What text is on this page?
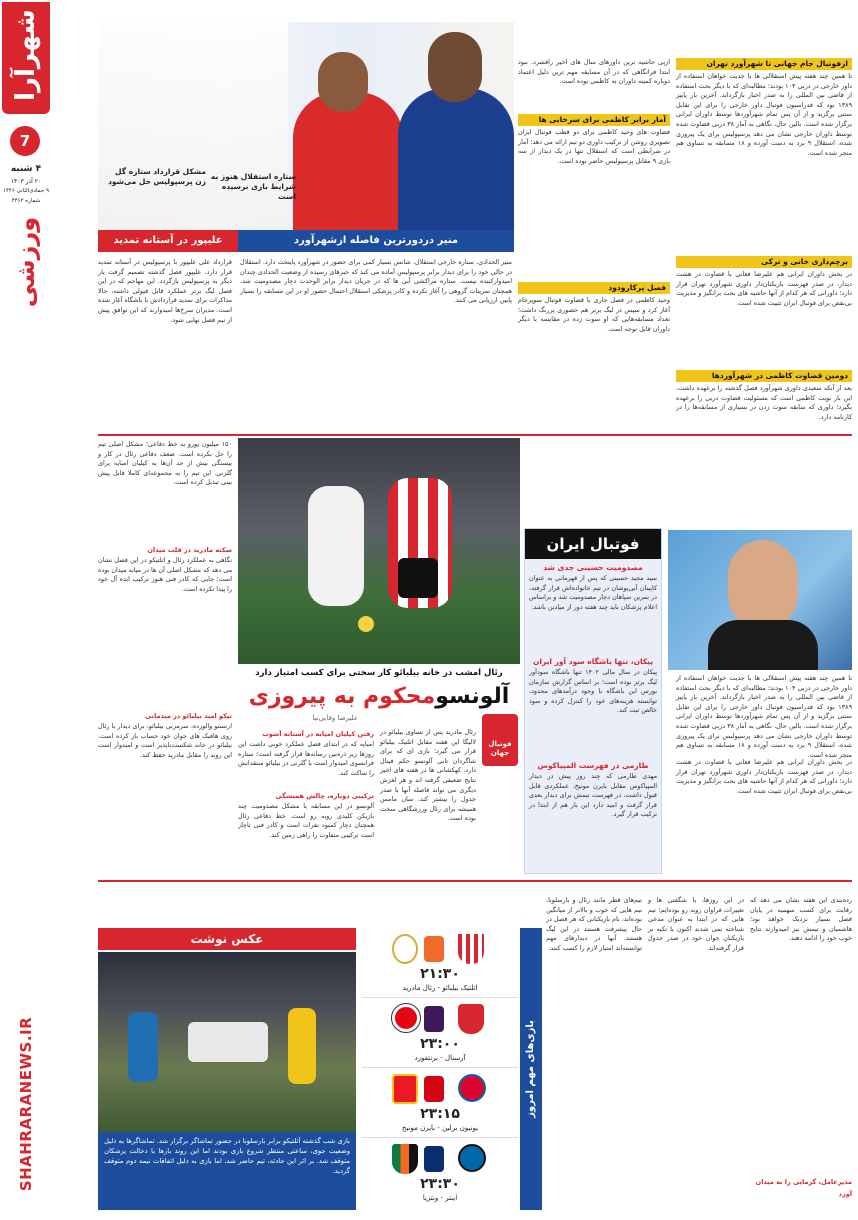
شهرآرا
7
۴ شنبه
۲۰ آذر ۱۴۰۳
۹ جمادی‌الثانی ۱۴۴۶
شماره ۴۴۶۲
ورزشی
SHAHRARANEWS.IR
مشکل قرارداد ستاره گل زن پرسپولیس حل می‌شود
ستاره استقلال هنوز به شرایط بازی نرسیده است
علیپور در آستانه تمدید	منیر دردورترین فاصله ازشهرآورد
قرارداد علی علیپور با پرسپولیس در آستانه تمدید قرار دارد. علیپور فصل گذشته تصمیم گرفت بار دیگر به پرسپولیس بازگردد. این مهاجم که در این فصل لیگ برتر عملکرد قابل قبولی داشته، حالا مذاکرات برای تمدید قراردادش با باشگاه آغاز شده است. مدیران سرخ‌ها امیدوارند که این توافق پیش از نیم فصل نهایی شود.
منیر الحدادی، ستاره خارجی استقلال، شانس بسیار کمی برای حضور در شهرآورد پایتخت دارد. استقلال در حالی خود را برای دیدار برابر پرسپولیس آماده می کند که خبرهای رسیده از وضعیت الحدادی چندان امیدوارکننده نیست. ستاره مراکشی آبی ها که در جریان دیدار برابر الوحدت دچار مصدومیت شد، همچنان تمرینات گروهی را آغاز نکرده و کادر پزشکی استقلال احتمال حضور او در این مسابقه را بسیار پایین ارزیابی می کنند.
ازپی حاشیه ترین داورهای سال های اخیر رافشرد. نبود ابتدا فرانگاهی که در آن مسابقه مهم ترین دلیل اعتماد دوباره کمیته داوران به کاظمی بوده است.
آمار برابر کاظمی برای سرخابی ها
قضاوت های وحید کاظمی برای دو قطب فوتبال ایران تصویری روشن از ترکیب داوری دو تیم ارائه می دهد؛ آمار در شرایطی است که استقلال تنها در یک دیدار از سه بازی ۹ مقابل پرسپولیس حاضر بوده است.
فصل پرکارودود
وحید کاظمی در فصل جاری با قضاوت فوتبال سوپرجام آغاز کرد و سپس در لیگ برتر هم حضوری پررنگ داشت؛ تعداد مسابقه‌هایی که او سوت زده در مقایسه با دیگر داوران قابل توجه است.
ازفوتبال جام جهانی تا شهرآورد تهران
تا همین چند هفته پیش استقلالی ها با جدیت خواهان استفاده از داور خارجی در دربی ۱۰۴ بودند؛ مطالبه‌ای که با دیگر بحث استفاده از قاضی بین المللی را به صدر اخبار بازگرداند. آخرین بار پاییز ۱۳۸۹ بود که فدراسیون فوتبال داور خارجی را برای این تقابل سنتی برگزید و از آن پس تمام شهرآوردها توسط داوران ایرانی برگزار شده است. بالین حال، نگاهی به آمار ۳۸ دربی قضاوت شده توسط داوران خارجی نشان می دهد پرسپولیس برای یک پیروزی شده، استقلال ۹ برد به دست آورده و ۱۸ مسابقه به تساوی هم منجر شده است.
برچم‌داری خانی و ترکی
در بخش داوران ایرانی هم علیرضا فغانی با قضاوت در هشت دیدار، در صدر فهرست بازیکنان‌دار داوری شهرآورد تهران قرار دارد؛ داورانی که هر کدام از آنها حاشیه های بحث برانگیز و مدیریت بی‌نقص برای فوتبال ایران تثبیت شده است.
دومین قضاوت کاظمی در شهرآوردها
بعد از آنکه سعیدی داوری شهرآورد فصل گذشته را برعهده داشت، این بار نوبت کاظمی است که مسئولیت قضاوت دربی را برعهده بگیرد؛ داوری که سابقه سوت زدن در بسیاری از مسابقه‌ها را در کارنامه دارد.
رئال امشب در خانه بیلبائو کار سختی برای کسب امتیاز دارد
آلونسومحکوم به پیروزی
علیرضا وفایی‌نیا
فوتبال جهان
رئال مادرید پس از تساوی بیلبائو در لالیگا این هفته مقابل اتلتیک بیلبائو قرار می گیرد؛ بازی ای که برای شاگردان تابی آلونسو حکم فینال دارد. کهکشانی ها در هفته های اخیر نتایج ضعیفی گرفته اند و هر لغزش دیگری می تواند فاصله آنها با صدر جدول را بیشتر کند. سان مامس همیشه برای رئال ورزشگاهی سخت بوده است.
رفتن کیلیان امپابه در آستانه آشوب
امباپه که در ابتدای فصل عملکرد خوبی داشت این روزها زیر ذره‌بین رسانه‌ها قرار گرفته است؛ ستاره فرانسوی امیدوار است با گلزنی در بیلبائو منتقدانش را ساکت کند.
ترکیبی دوباره، چالش همیشگی
آلونسو در این مسابقه با مشکل مصدومیت چند بازیکن کلیدی روبه رو است. خط دفاعی رئال همچنان دچار کمبود نفرات است و کادر فنی ناچار است ترکیبی متفاوت را راهی زمین کند.
۱۵۰ میلیون یورو به خط دفاعی؛ مشکل اصلی تیم را حل نکرده است. ضعف دفاعی رئال در کار و بیستگی بیش از حد آن‌ها به کیلیان امباپه برای گلزنی. این تیم را به مجموعه‌ای کاملا قابل پیش بینی تبدیل کرده است.
سکته مادرید در قلب میدان
نگاهی به عملکرد رئال و اتلتیکو در این فصل نشان می دهد که مشکل اصلی آن ها در میانه میدان بوده است؛ جایی که کادر فنی هنوز ترکیب ایده آل خود را پیدا نکرده است.
تیکو امید بیلبائو در میدمانی
ارنستو والورده، سرمربی بیلبائو، برای دیدار با رئال روی هافبک های جوان خود حساب باز کرده است. بیلبائو در خانه شکست‌ناپذیر است و امیدوار است این روند را مقابل مادرید حفظ کند.
فوتبال ایران
مصدومیت حسینی جدی شد
سید مجید حسینی که پس از قهرمانی به عنوان کاپیتان آبی‌پوشان در تیم خانواده‌اش قرار گرفته، در تمرین سپاهان دچار مصدومیت شد و براساس اعلام پزشکان باید چند هفته دور از میادین باشد.
پیکان، تنها باشگاه سود آور ایران
پیکان در سال مالی ۱۴۰۲ تنها باشگاه سودآور لیگ برتر بوده است؛ بر اساس گزارش سازمان بورس این باشگاه با وجود درآمدهای محدود، توانسته هزینه‌های خود را کنترل کرده و سود خالص ثبت کند.
طارمی در فهرست المپیاکوس
مهدی طارمی که چند روز پیش در دیدار المپیاکوس مقابل بایرن مونیخ، عملکردی قابل قبول داشت، در فهرست تیمش برای دیدار بعدی قرار گرفت و امید دارد این بار هم از ابتدا در ترکیب قرار گیرد.
تا همین چند هفته پیش استقلالی ها با جدیت خواهان استفاده از داور خارجی در دربی ۱۰۴ بودند؛ مطالبه‌ای که با دیگر بحث استفاده از قاضی بین المللی را به صدر اخبار بازگرداند. آخرین بار پاییز ۱۳۸۹ بود که فدراسیون فوتبال داور خارجی را برای این تقابل سنتی برگزید و از آن پس تمام شهرآوردها توسط داوران ایرانی برگزار شده است. بالین حال، نگاهی به آمار ۳۸ دربی قضاوت شده توسط داوران خارجی نشان می دهد پرسپولیس برای یک پیروزی شده، استقلال ۹ برد به دست آورده و ۱۸ مسابقه به تساوی هم منجر شده است.
در بخش داوران ایرانی هم علیرضا فغانی با قضاوت در هشت دیدار، در صدر فهرست بازیکنان‌دار داوری شهرآورد تهران قرار دارد؛ داورانی که هر کدام از آنها حاشیه های بحث برانگیز و مدیریت بی‌نقص برای فوتبال ایران تثبیت شده است.
عکس نوشت
بازی شب گذشته آتلتیکو برابر بارسلونا در حضور تماشاگر برگزار شد. تماشاگرها به دلیل وضعیت جوی، ساعتی منتظر شروع بازی بودند اما این روند بارها با دخالت پزشکان متوقف شد. بر اثر این حادثه، تیم حاضر شد، اما بازی به دلیل اتفاقات نیمه دوم متوقف گردید.
۲۱:۳۰
اتلتیک بیلبائو - رئال مادرید
۲۳:۰۰
آرسنال - برنتفورد
۲۳:۱۵
یونیون برلین - بایرن مونیخ
۲۳:۳۰
اینتر - ونتزیا
بازی‌های مهم امروز
تیم‌های قطر مانند رئال و بارسلونا، تیم هایی که خوب و بالاتر از میانگین بوده‌اند، نام بازیکنانی که هر فصل در حال پیشرفت هستند در این لیگ هستند. آنها در دیدارهای مهم توانسته‌اند امتیاز لازم را کسب کنند.
در این روزها، با شگفتی ها و تغییرات فراوان روبه رو بوده‌ایم؛ تیم هایی که در ابتدا به عنوان مدعی شناخته نمی شدند اکنون با تکیه بر بازیکنان جوان خود در صدر جدول قرار گرفته‌اند.
رده‌بندی این هفته نشان می دهد که رقابت برای کسب سهمیه در پایان فصل بسیار نزدیک خواهد بود؛ هاشمیان و تیمش نیز امیدوارند نتایج خوب خود را ادامه دهند.
مدیرعامل، گرمایی را به میدان آورد
